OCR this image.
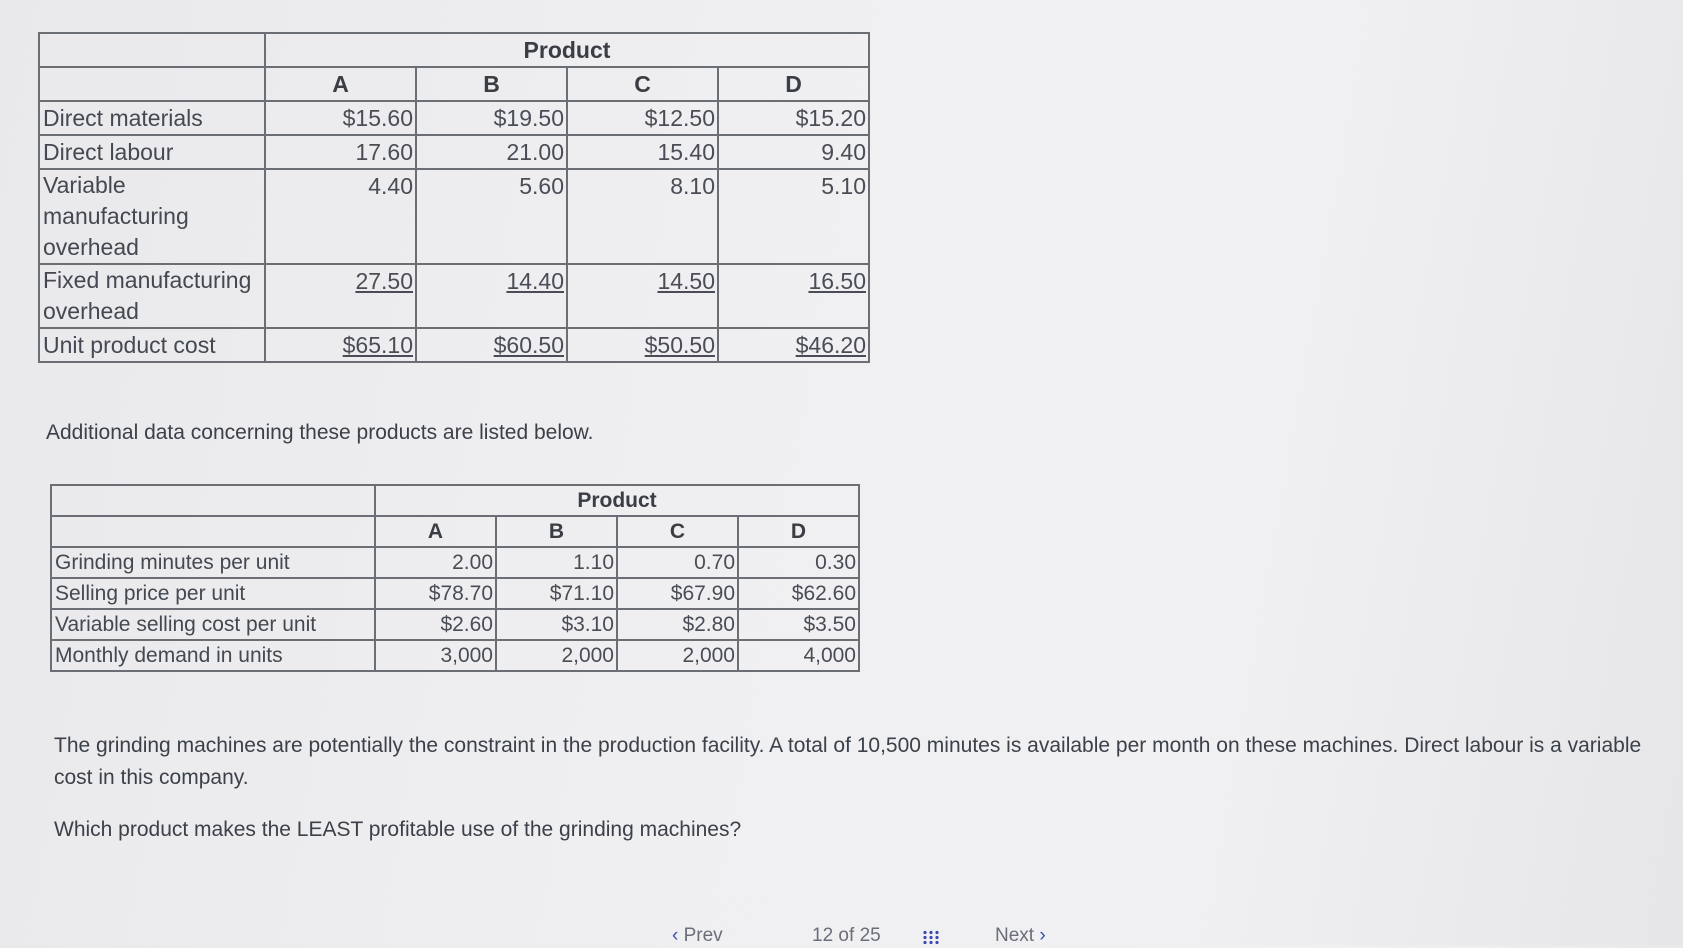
	Product			
	A	B	C	D
Direct materials	$15.60	$19.50	$12.50	$15.20
Direct labour	17.60	21.00	15.40	9.40
Variable manufacturing overhead	4.40	5.60	8.10	5.10
Fixed manufacturing overhead	27.50	14.40	14.50	16.50
Unit product cost	$65.10	$60.50	$50.50	$46.20
Additional data concerning these products are listed below.
	Product			
	A	B	C	D
Grinding minutes per unit	2.00	1.10	0.70	0.30
Selling price per unit	$78.70	$71.10	$67.90	$62.60
Variable selling cost per unit	$2.60	$3.10	$2.80	$3.50
Monthly demand in units	3,000	2,000	2,000	4,000
The grinding machines are potentially the constraint in the production facility. A total of 10,500 minutes is available per month on these machines. Direct labour is a variable cost in this company.
Which product makes the LEAST profitable use of the grinding machines?
‹ Prev	12 of 25	Next ›
